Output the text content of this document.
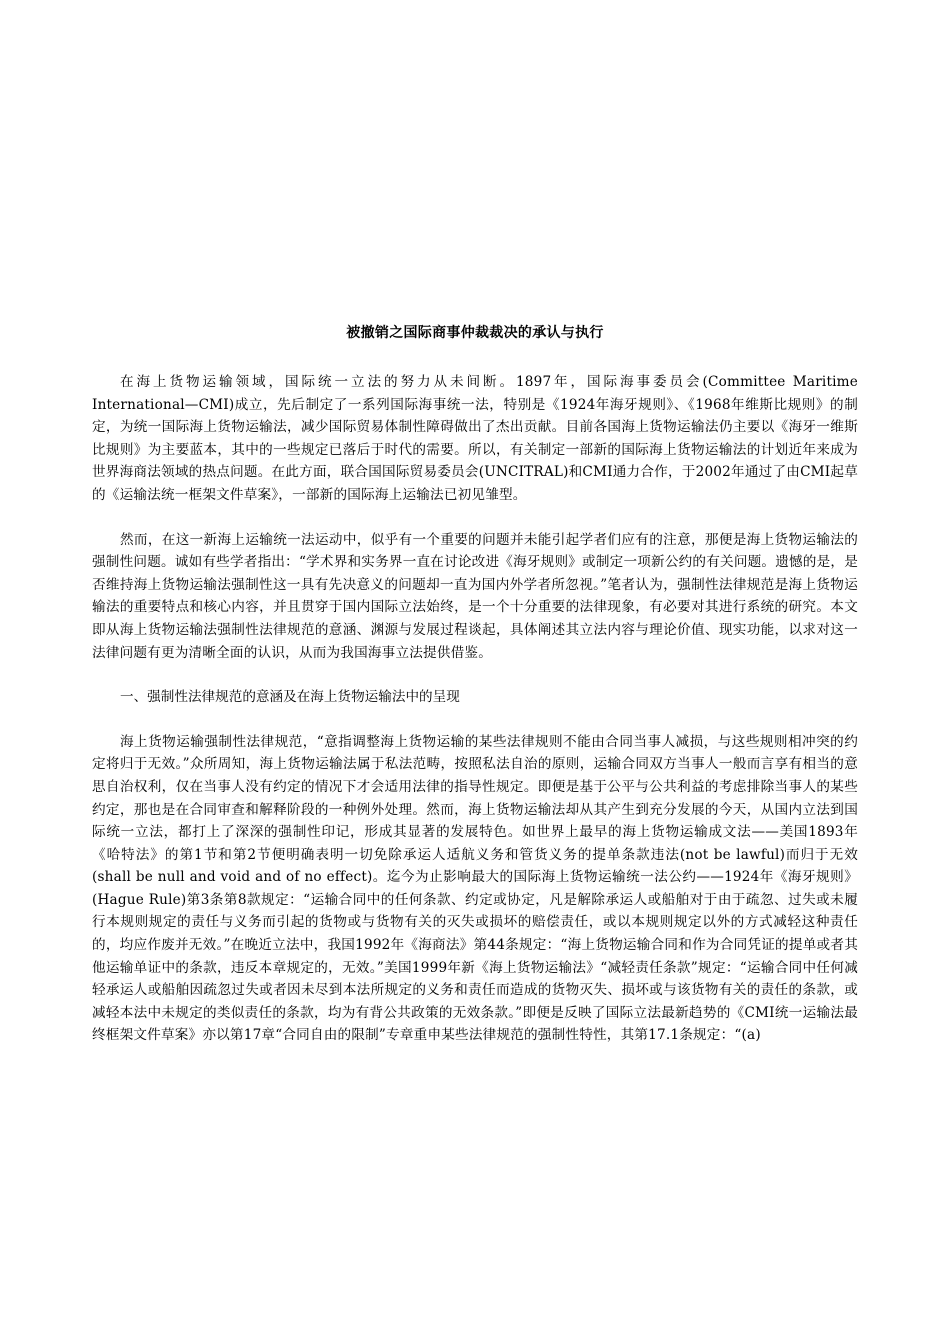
被撤销之国际商事仲裁裁决的承认与执行

在海上货物运输领域，国际统一立法的努力从未间断。1897年，国际海事委员会(Committee Maritime International—CMI)成立，先后制定了一系列国际海事统一法，特别是《1924年海牙规则》、《1968年维斯比规则》的制定，为统一国际海上货物运输法，减少国际贸易体制性障碍做出了杰出贡献。目前各国海上货物运输法仍主要以《海牙一维斯比规则》为主要蓝本，其中的一些规定已落后于时代的需要。所以，有关制定一部新的国际海上货物运输法的计划近年来成为世界海商法领域的热点问题。在此方面，联合国国际贸易委员会(UNCITRAL)和CMI通力合作，于2002年通过了由CMI起草的《运输法统一框架文件草案》，一部新的国际海上运输法已初见雏型。

然而，在这一新海上运输统一法运动中，似乎有一个重要的问题并未能引起学者们应有的注意，那便是海上货物运输法的强制性问题。诚如有些学者指出：“学术界和实务界一直在讨论改进《海牙规则》或制定一项新公约的有关问题。遗憾的是，是否维持海上货物运输法强制性这一具有先决意义的问题却一直为国内外学者所忽视。”笔者认为，强制性法律规范是海上货物运输法的重要特点和核心内容，并且贯穿于国内国际立法始终，是一个十分重要的法律现象，有必要对其进行系统的研究。本文即从海上货物运输法强制性法律规范的意涵、渊源与发展过程谈起，具体阐述其立法内容与理论价值、现实功能，以求对这一法律问题有更为清晰全面的认识，从而为我国海事立法提供借鉴。

一、强制性法律规范的意涵及在海上货物运输法中的呈现

海上货物运输强制性法律规范，“意指调整海上货物运输的某些法律规则不能由合同当事人减损，与这些规则相冲突的约定将归于无效。”众所周知，海上货物运输法属于私法范畴，按照私法自治的原则，运输合同双方当事人一般而言享有相当的意思自治权利，仅在当事人没有约定的情况下才会适用法律的指导性规定。即便是基于公平与公共利益的考虑排除当事人的某些约定，那也是在合同审查和解释阶段的一种例外处理。然而，海上货物运输法却从其产生到充分发展的今天，从国内立法到国际统一立法，都打上了深深的强制性印记，形成其显著的发展特色。如世界上最早的海上货物运输成文法——美国1893年《哈特法》的第1节和第2节便明确表明一切免除承运人适航义务和管货义务的提单条款违法(not be lawful)而归于无效(shall be null and void and of no effect)。迄今为止影响最大的国际海上货物运输统一法公约——1924年《海牙规则》(Hague Rule)第3条第8款规定：“运输合同中的任何条款、约定或协定，凡是解除承运人或船舶对于由于疏忽、过失或未履行本规则规定的责任与义务而引起的货物或与货物有关的灭失或损坏的赔偿责任，或以本规则规定以外的方式减轻这种责任的，均应作废并无效。”在晚近立法中，我国1992年《海商法》第44条规定：“海上货物运输合同和作为合同凭证的提单或者其他运输单证中的条款，违反本章规定的，无效。”美国1999年新《海上货物运输法》“减轻责任条款”规定：“运输合同中任何减轻承运人或船舶因疏忽过失或者因未尽到本法所规定的义务和责任而造成的货物灭失、损坏或与该货物有关的责任的条款，或减轻本法中未规定的类似责任的条款，均为有背公共政策的无效条款。”即便是反映了国际立法最新趋势的《CMI统一运输法最终框架文件草案》亦以第17章“合同自由的限制”专章重申某些法律规范的强制性特性，其第17.1条规定：“(a)
